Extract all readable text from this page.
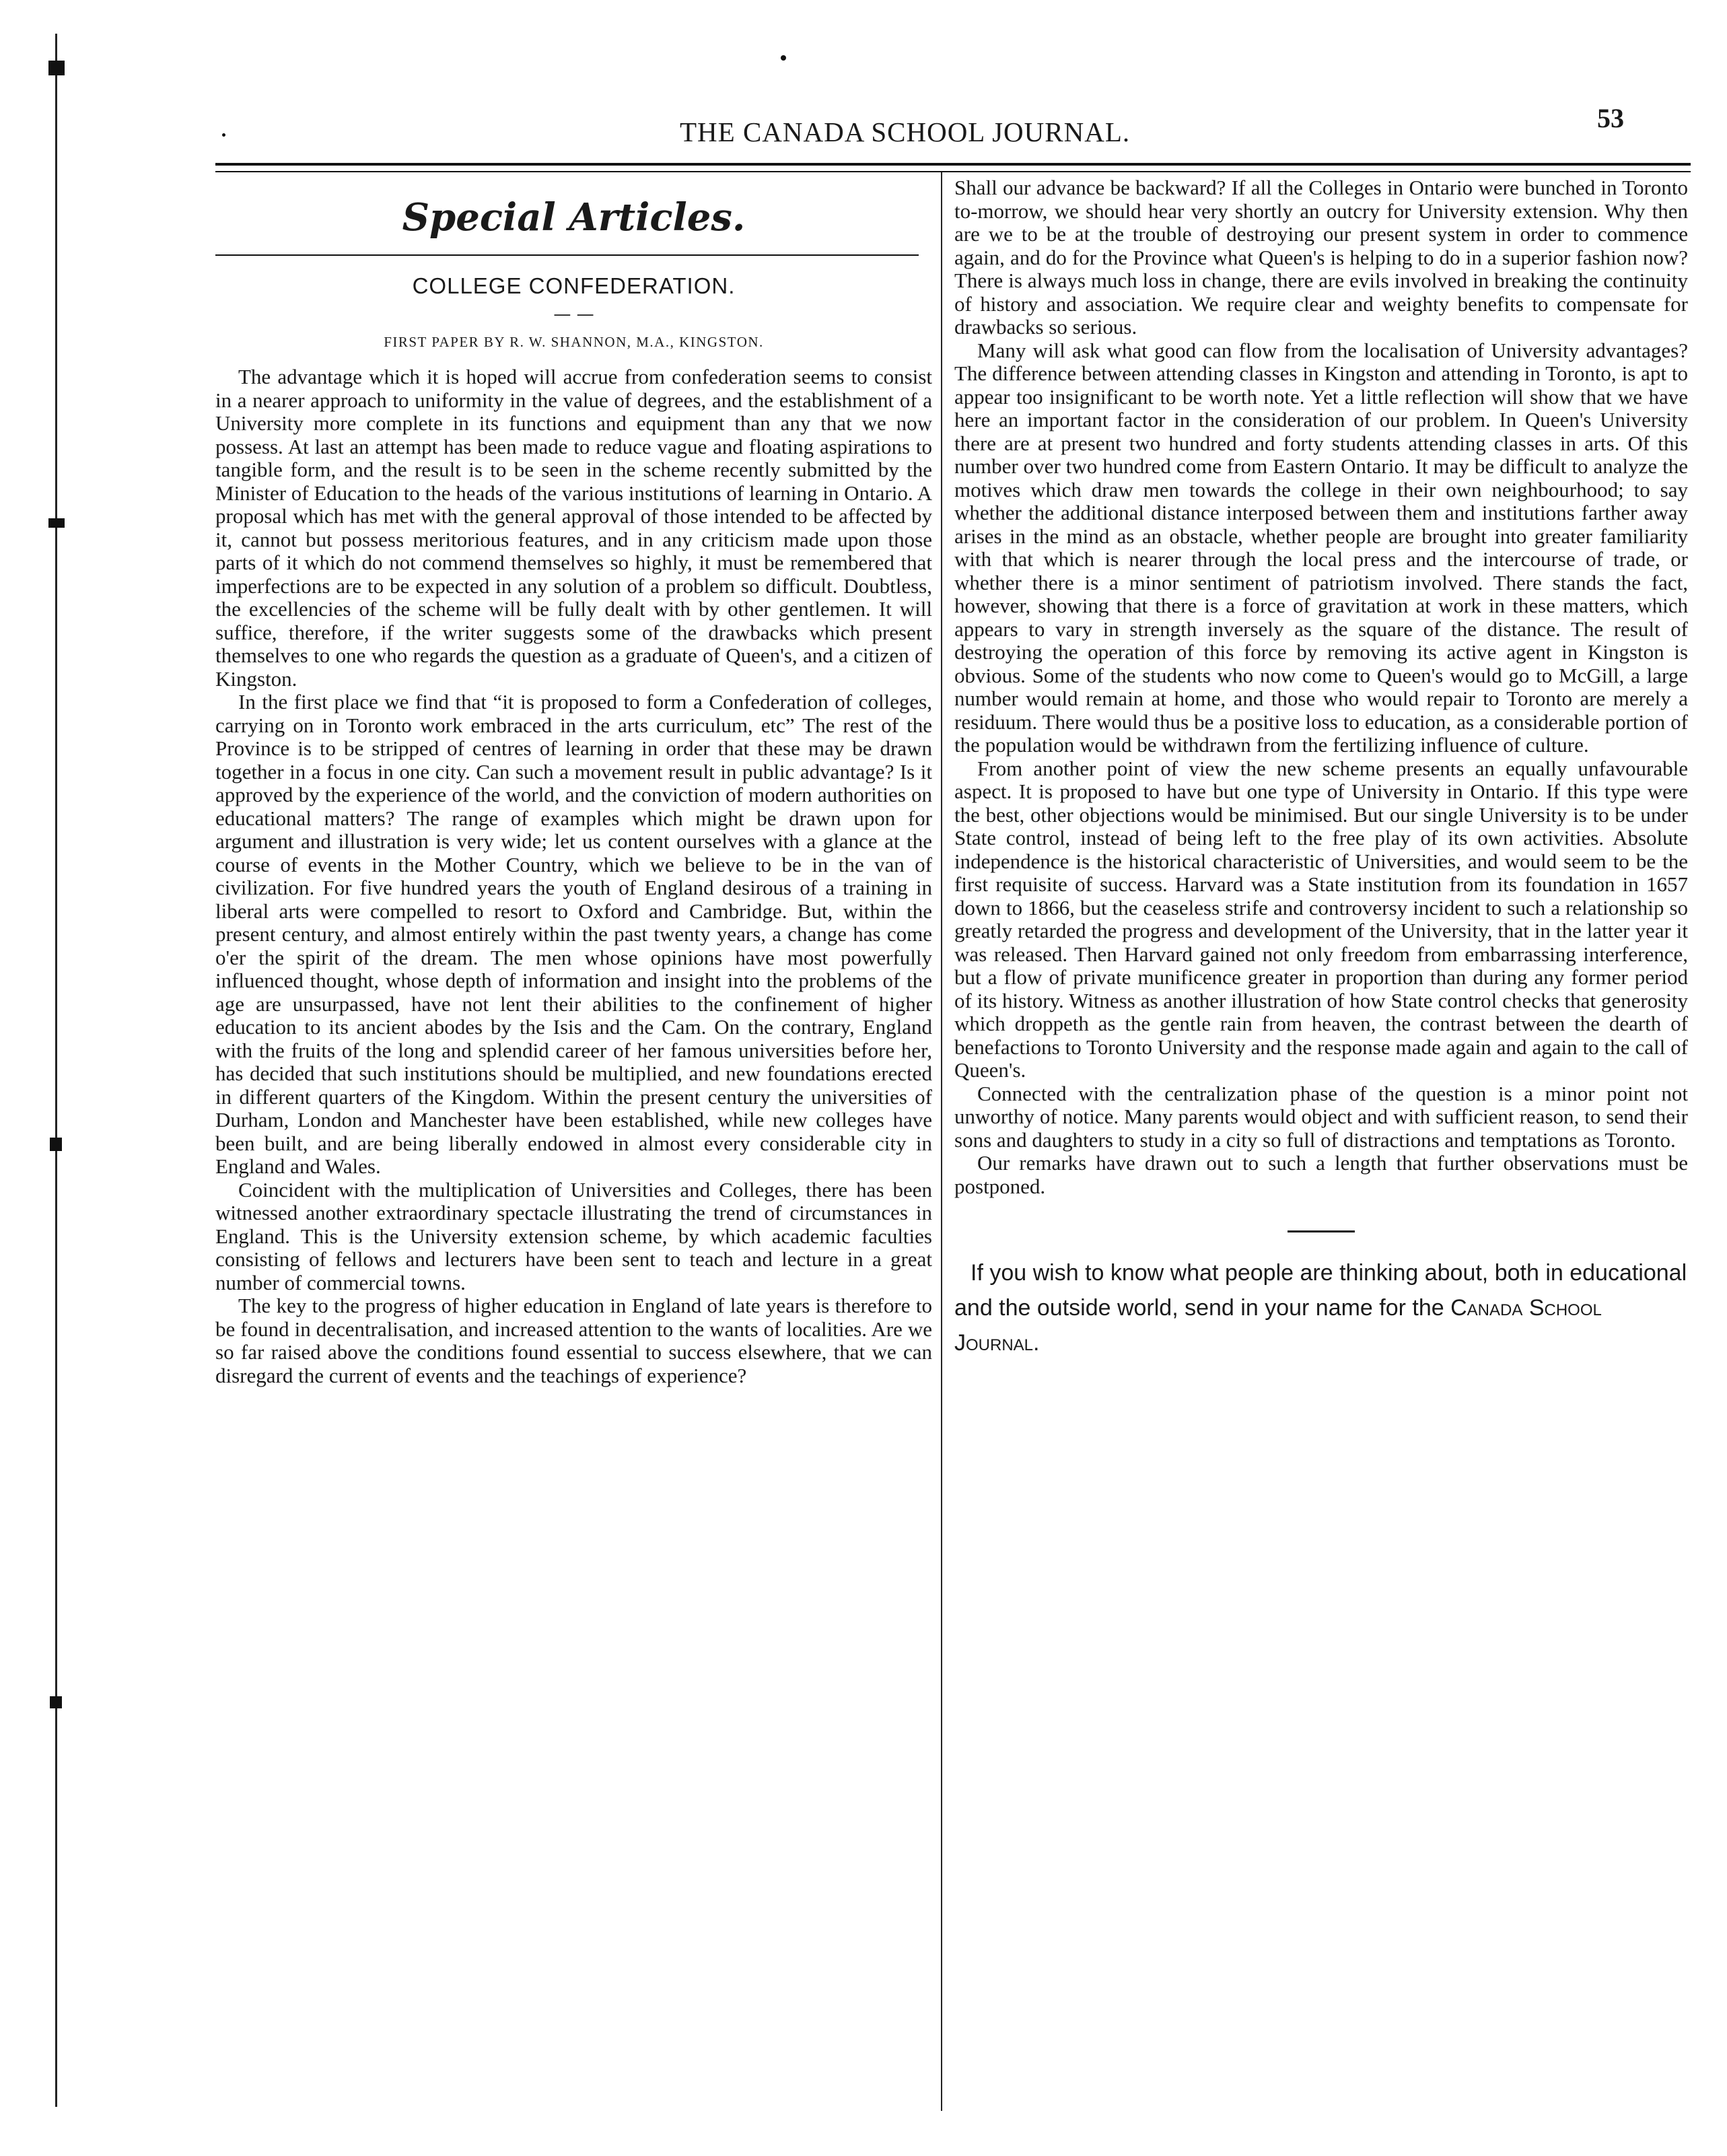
THE CANADA SCHOOL JOURNAL.	53
Special Articles.
COLLEGE CONFEDERATION.
— —
FIRST PAPER BY R. W. SHANNON, M.A., KINGSTON.

The advantage which it is hoped will accrue from confederation seems to consist in a nearer approach to uniformity in the value of degrees, and the establishment of a University more complete in its functions and equipment than any that we now possess. At last an attempt has been made to reduce vague and floating aspirations to tangible form, and the result is to be seen in the scheme recently submitted by the Minister of Education to the heads of the various institutions of learning in Ontario. A proposal which has met with the general approval of those intended to be affected by it, cannot but possess meritorious features, and in any criticism made upon those parts of it which do not commend themselves so highly, it must be remembered that imperfections are to be expected in any solution of a problem so difficult. Doubtless, the excellencies of the scheme will be fully dealt with by other gentlemen. It will suffice, therefore, if the writer suggests some of the drawbacks which present themselves to one who regards the question as a graduate of Queen's, and a citizen of Kingston.

In the first place we find that “it is proposed to form a Confederation of colleges, carrying on in Toronto work embraced in the arts curriculum, etc” The rest of the Province is to be stripped of centres of learning in order that these may be drawn together in a focus in one city. Can such a movement result in public advantage? Is it approved by the experience of the world, and the conviction of modern authorities on educational matters? The range of examples which might be drawn upon for argument and illustration is very wide; let us content ourselves with a glance at the course of events in the Mother Country, which we believe to be in the van of civilization. For five hundred years the youth of England desirous of a training in liberal arts were compelled to resort to Oxford and Cambridge. But, within the present century, and almost entirely within the past twenty years, a change has come o'er the spirit of the dream. The men whose opinions have most powerfully influenced thought, whose depth of information and insight into the problems of the age are unsurpassed, have not lent their abilities to the confinement of higher education to its ancient abodes by the Isis and the Cam. On the contrary, England with the fruits of the long and splendid career of her famous universities before her, has decided that such institutions should be multiplied, and new foundations erected in different quarters of the Kingdom. Within the present century the universities of Durham, London and Manchester have been established, while new colleges have been built, and are being liberally endowed in almost every considerable city in England and Wales.

Coincident with the multiplication of Universities and Colleges, there has been witnessed another extraordinary spectacle illustrating the trend of circumstances in England. This is the University extension scheme, by which academic faculties consisting of fellows and lecturers have been sent to teach and lecture in a great number of commercial towns.

The key to the progress of higher education in England of late years is therefore to be found in decentralisation, and increased attention to the wants of localities. Are we so far raised above the conditions found essential to success elsewhere, that we can disregard the current of events and the teachings of experience?

Shall our advance be backward? If all the Colleges in Ontario were bunched in Toronto to-morrow, we should hear very shortly an outcry for University extension. Why then are we to be at the trouble of destroying our present system in order to commence again, and do for the Province what Queen's is helping to do in a superior fashion now? There is always much loss in change, there are evils involved in breaking the continuity of history and association. We require clear and weighty benefits to compensate for drawbacks so serious.

Many will ask what good can flow from the localisation of University advantages? The difference between attending classes in Kingston and attending in Toronto, is apt to appear too insignificant to be worth note. Yet a little reflection will show that we have here an important factor in the consideration of our problem. In Queen's University there are at present two hundred and forty students attending classes in arts. Of this number over two hundred come from Eastern Ontario. It may be difficult to analyze the motives which draw men towards the college in their own neighbourhood; to say whether the additional distance interposed between them and institutions farther away arises in the mind as an obstacle, whether people are brought into greater familiarity with that which is nearer through the local press and the intercourse of trade, or whether there is a minor sentiment of patriotism involved. There stands the fact, however, showing that there is a force of gravitation at work in these matters, which appears to vary in strength inversely as the square of the distance. The result of destroying the operation of this force by removing its active agent in Kingston is obvious. Some of the students who now come to Queen's would go to McGill, a large number would remain at home, and those who would repair to Toronto are merely a residuum. There would thus be a positive loss to education, as a considerable portion of the population would be withdrawn from the fertilizing influence of culture.

From another point of view the new scheme presents an equally unfavourable aspect. It is proposed to have but one type of University in Ontario. If this type were the best, other objections would be minimised. But our single University is to be under State control, instead of being left to the free play of its own activities. Absolute independence is the historical characteristic of Universities, and would seem to be the first requisite of success. Harvard was a State institution from its foundation in 1657 down to 1866, but the ceaseless strife and controversy incident to such a relationship so greatly retarded the progress and development of the University, that in the latter year it was released. Then Harvard gained not only freedom from embarrassing interference, but a flow of private munificence greater in proportion than during any former period of its history. Witness as another illustration of how State control checks that generosity which droppeth as the gentle rain from heaven, the contrast between the dearth of benefactions to Toronto University and the response made again and again to the call of Queen's.

Connected with the centralization phase of the question is a minor point not unworthy of notice. Many parents would object and with sufficient reason, to send their sons and daughters to study in a city so full of distractions and temptations as Toronto.

Our remarks have drawn out to such a length that further observations must be postponed.

If you wish to know what people are thinking about, both in educational and the outside world, send in your name for the Canada School Journal.
